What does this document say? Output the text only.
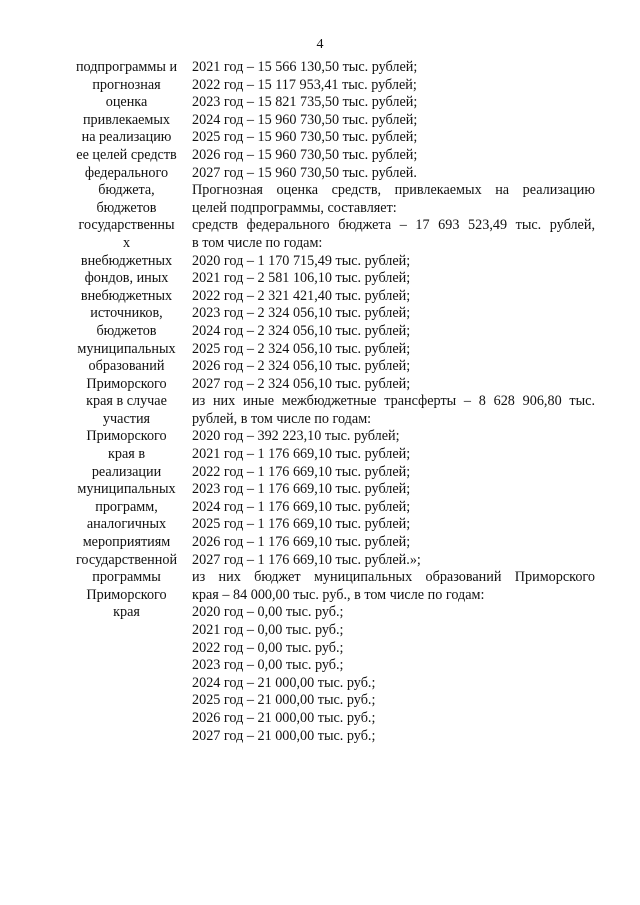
4
подпрограммы и
прогнозная
оценка
привлекаемых
на реализацию
ее целей средств
федерального
бюджета,
бюджетов
государственны
х
внебюджетных
фондов, иных
внебюджетных
источников,
бюджетов
муниципальных
образований
Приморского
края в случае
участия
Приморского
края в
реализации
муниципальных
программ,
аналогичных
мероприятиям
государственной
программы
Приморского
края
2021 год – 15 566 130,50 тыс. рублей;
2022 год – 15 117 953,41 тыс. рублей;
2023 год – 15 821 735,50 тыс. рублей;
2024 год – 15 960 730,50 тыс. рублей;
2025 год – 15 960 730,50 тыс. рублей;
2026 год – 15 960 730,50 тыс. рублей;
2027 год – 15 960 730,50 тыс. рублей.
Прогнозная оценка средств, привлекаемых на реализацию
целей подпрограммы, составляет:
средств федерального бюджета – 17 693 523,49 тыс. рублей,
в том числе по годам:
2020 год – 1 170 715,49 тыс. рублей;
2021 год – 2 581 106,10 тыс. рублей;
2022 год – 2 321 421,40 тыс. рублей;
2023 год – 2 324 056,10 тыс. рублей;
2024 год – 2 324 056,10 тыс. рублей;
2025 год – 2 324 056,10 тыс. рублей;
2026 год – 2 324 056,10 тыс. рублей;
2027 год – 2 324 056,10 тыс. рублей;
из них иные межбюджетные трансферты – 8 628 906,80 тыс.
рублей, в том числе по годам:
2020 год – 392 223,10 тыс. рублей;
2021 год – 1 176 669,10 тыс. рублей;
2022 год – 1 176 669,10 тыс. рублей;
2023 год – 1 176 669,10 тыс. рублей;
2024 год – 1 176 669,10 тыс. рублей;
2025 год – 1 176 669,10 тыс. рублей;
2026 год – 1 176 669,10 тыс. рублей;
2027 год – 1 176 669,10 тыс. рублей.»;
из них бюджет муниципальных образований Приморского
края – 84 000,00 тыс. руб., в том числе по годам:
2020 год – 0,00 тыс. руб.;
2021 год – 0,00 тыс. руб.;
2022 год – 0,00 тыс. руб.;
2023 год – 0,00 тыс. руб.;
2024 год – 21 000,00 тыс. руб.;
2025 год – 21 000,00 тыс. руб.;
2026 год – 21 000,00 тыс. руб.;
2027 год – 21 000,00 тыс. руб.;
